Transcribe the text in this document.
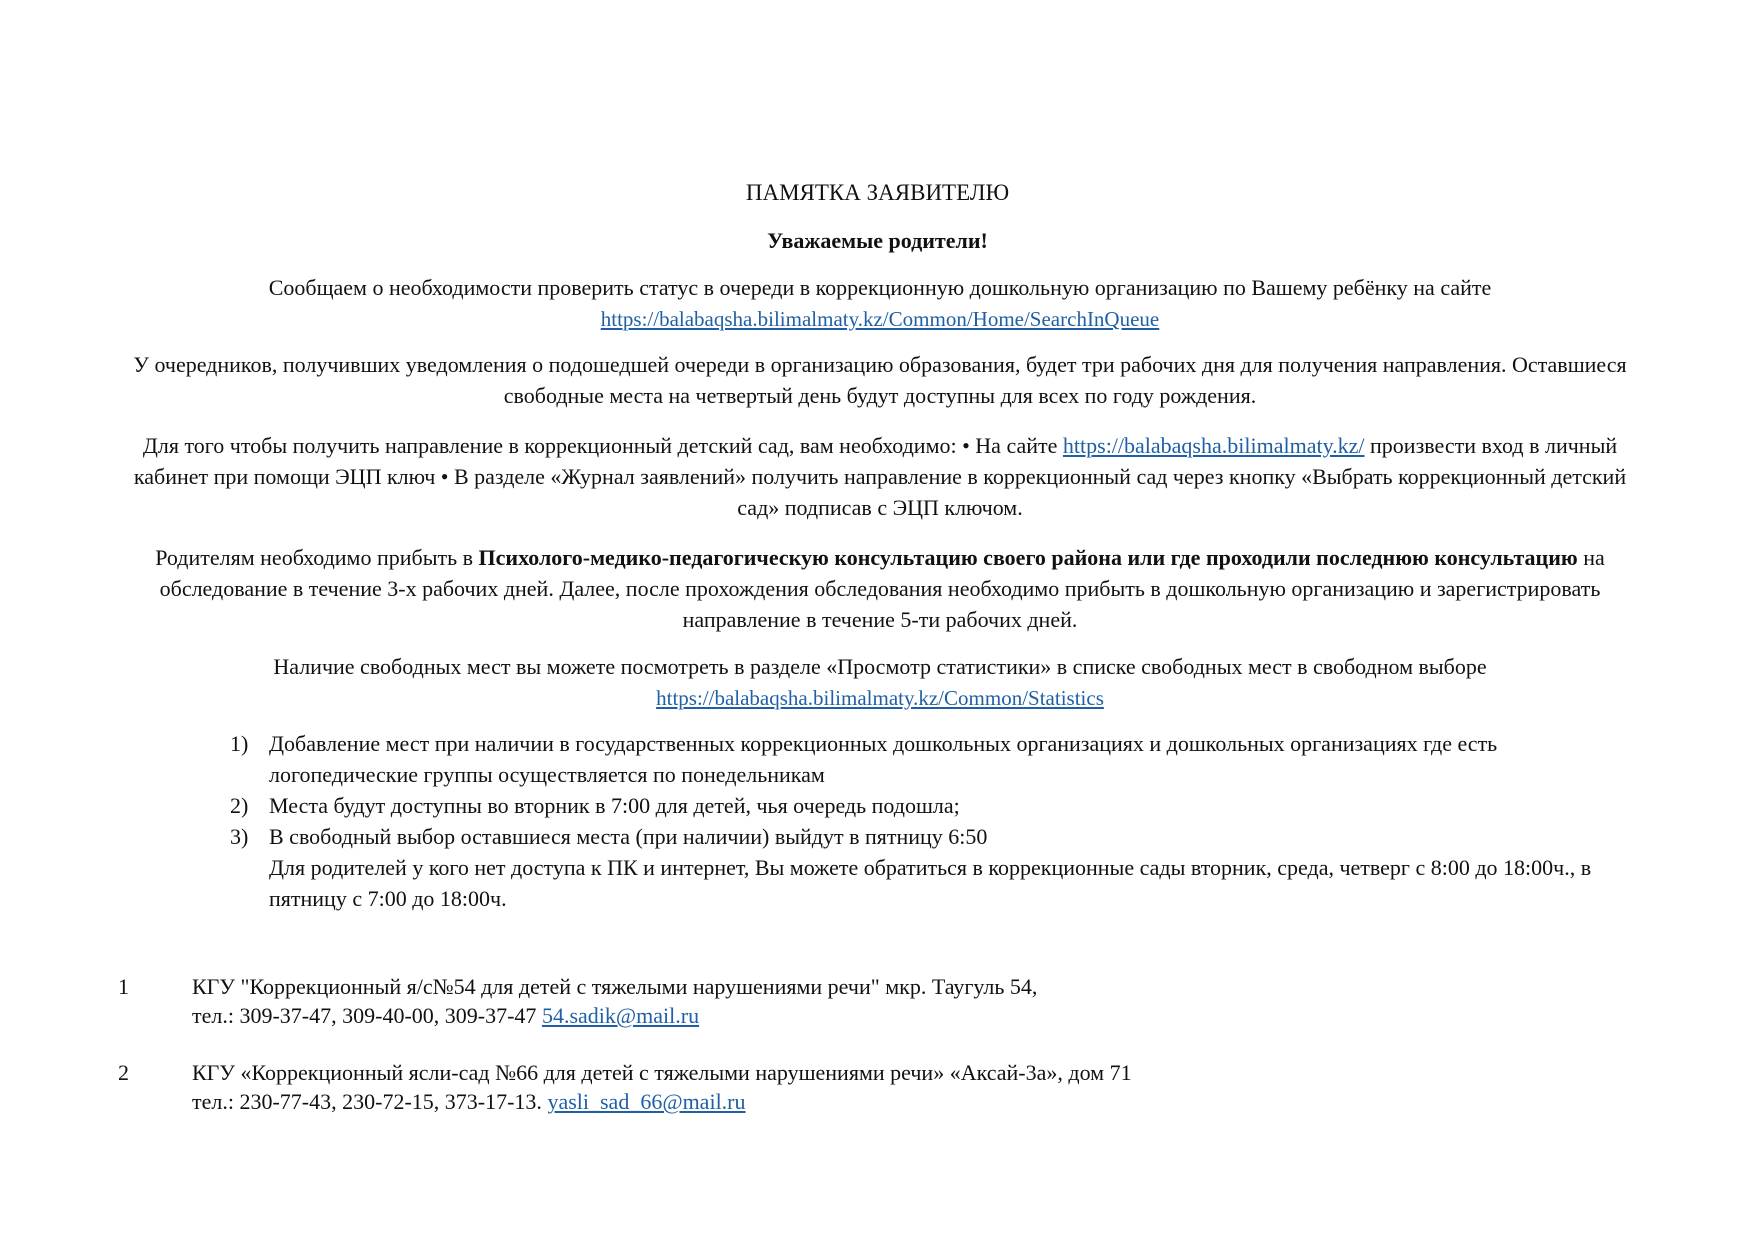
ПАМЯТКА ЗАЯВИТЕЛЮ
Уважаемые родители!
Сообщаем о необходимости проверить статус в очереди в коррекционную дошкольную организацию по Вашему ребёнку на сайте
https://balabaqsha.bilimalmaty.kz/Common/Home/SearchInQueue
У очередников, получивших уведомления о подошедшей очереди в организацию образования, будет три рабочих дня для получения направления. Оставшиеся свободные места на четвертый день будут доступны для всех по году рождения.
Для того чтобы получить направление в коррекционный детский сад, вам необходимо: • На сайте https://balabaqsha.bilimalmaty.kz/ произвести вход в личный кабинет при помощи ЭЦП ключ • В разделе «Журнал заявлений» получить направление в коррекционный сад через кнопку «Выбрать коррекционный детский сад» подписав с ЭЦП ключом.
Родителям необходимо прибыть в Психолого-медико-педагогическую консультацию своего района или где проходили последнюю консультацию на обследование в течение 3-х рабочих дней. Далее, после прохождения обследования необходимо прибыть в дошкольную организацию и зарегистрировать направление в течение 5-ти рабочих дней.
Наличие свободных мест вы можете посмотреть в разделе «Просмотр статистики» в списке свободных мест в свободном выборе
https://balabaqsha.bilimalmaty.kz/Common/Statistics
1) Добавление мест при наличии в государственных коррекционных дошкольных организациях и дошкольных организациях где есть логопедические группы осуществляется по понедельникам
2) Места будут доступны во вторник в 7:00 для детей, чья очередь подошла;
3) В свободный выбор оставшиеся места (при наличии) выйдут в пятницу 6:50
Для родителей у кого нет доступа к ПК и интернет, Вы можете обратиться в коррекционные сады вторник, среда, четверг с 8:00 до 18:00ч., в пятницу с 7:00 до 18:00ч.
1	КГУ "Коррекционный я/с№54 для детей с тяжелыми нарушениями речи" мкр. Таугуль 54,
тел.: 309-37-47, 309-40-00, 309-37-47 54.sadik@mail.ru
2	КГУ «Коррекционный ясли-сад №66 для детей с тяжелыми нарушениями речи» «Аксай-3а», дом 71
тел.: 230-77-43, 230-72-15, 373-17-13. yasli_sad_66@mail.ru
